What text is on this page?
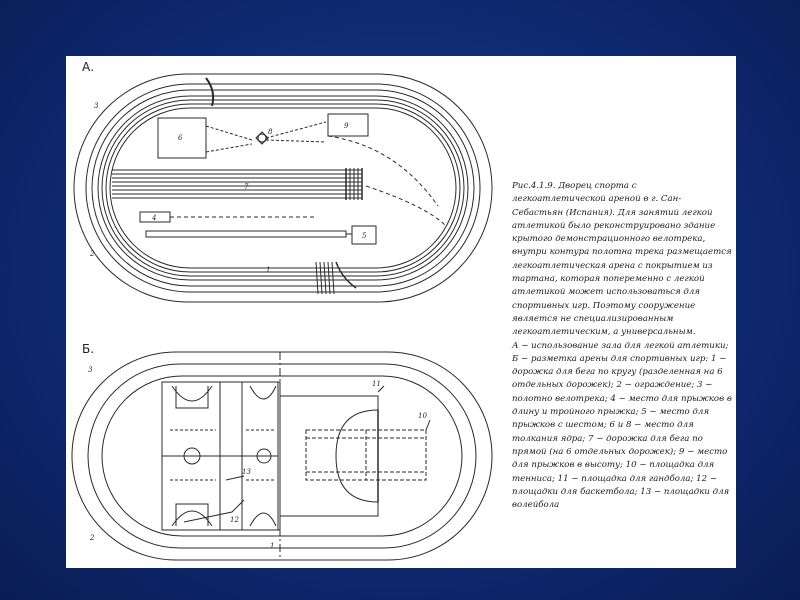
А.
Б.
3
2
6
8
9
7
4
5
1
3
2
1
11
10
13
12

Рис.4.1.9. Дворец спорта с легкоатлетической ареной в г. Сан-Себастьян (Испания). Для занятий легкой атлетикой было реконструировано здание крытого демонстрационного велотрека, внутри контура полотна трека размещается легкоатлетическая арена с покрытием из тартана, которая попеременно с легкой атлетикой может использоваться для спортивных игр. Поэтому сооружение является не специализированным легкоатлетическим, а универсальным.

А − использование зала для легкой атлетики; Б − разметка арены для спортивных игр: 1 − дорожка для бега по кругу (разделенная на 6 отдельных дорожек); 2 − ограждение; 3 − полотно велотрека; 4 − место для прыжков в длину и тройного прыжка; 5 − место для прыжков с шестом; 6 и 8 − место для толкания ядра; 7 − дорожка для бега по прямой (на 6 отдельных дорожек); 9 − место для прыжков в высоту; 10 − площадка для тенниса; 11 − площадка для гандбола; 12 − площадки для баскетбола; 13 − площадки для волейбола
